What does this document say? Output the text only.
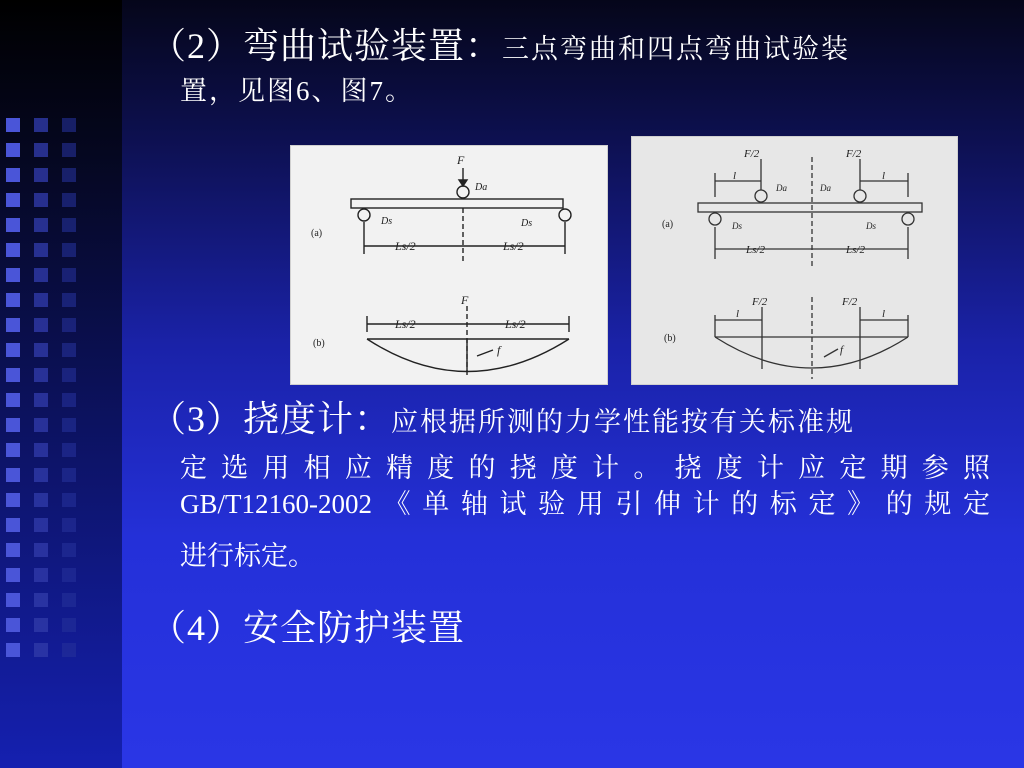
（2）弯曲试验装置：三点弯曲和四点弯曲试验装
置，见图6、图7。
F
Da
Ds	Ds
(a)
Ls/2	Ls/2
F
Ls/2	Ls/2
(b)	f
F/2	F/2
l	l
Da	Da
Ds	Ds
(a)
Ls/2	Ls/2
F/2	F/2
l	l
(b)
f
（3）挠度计：应根据所测的力学性能按有关标准规
定选用相应精度的挠度计。挠度计应定期参照
GB/T12160-2002《单轴试验用引伸计的标定》的规定
进行标定。
（4）安全防护装置
